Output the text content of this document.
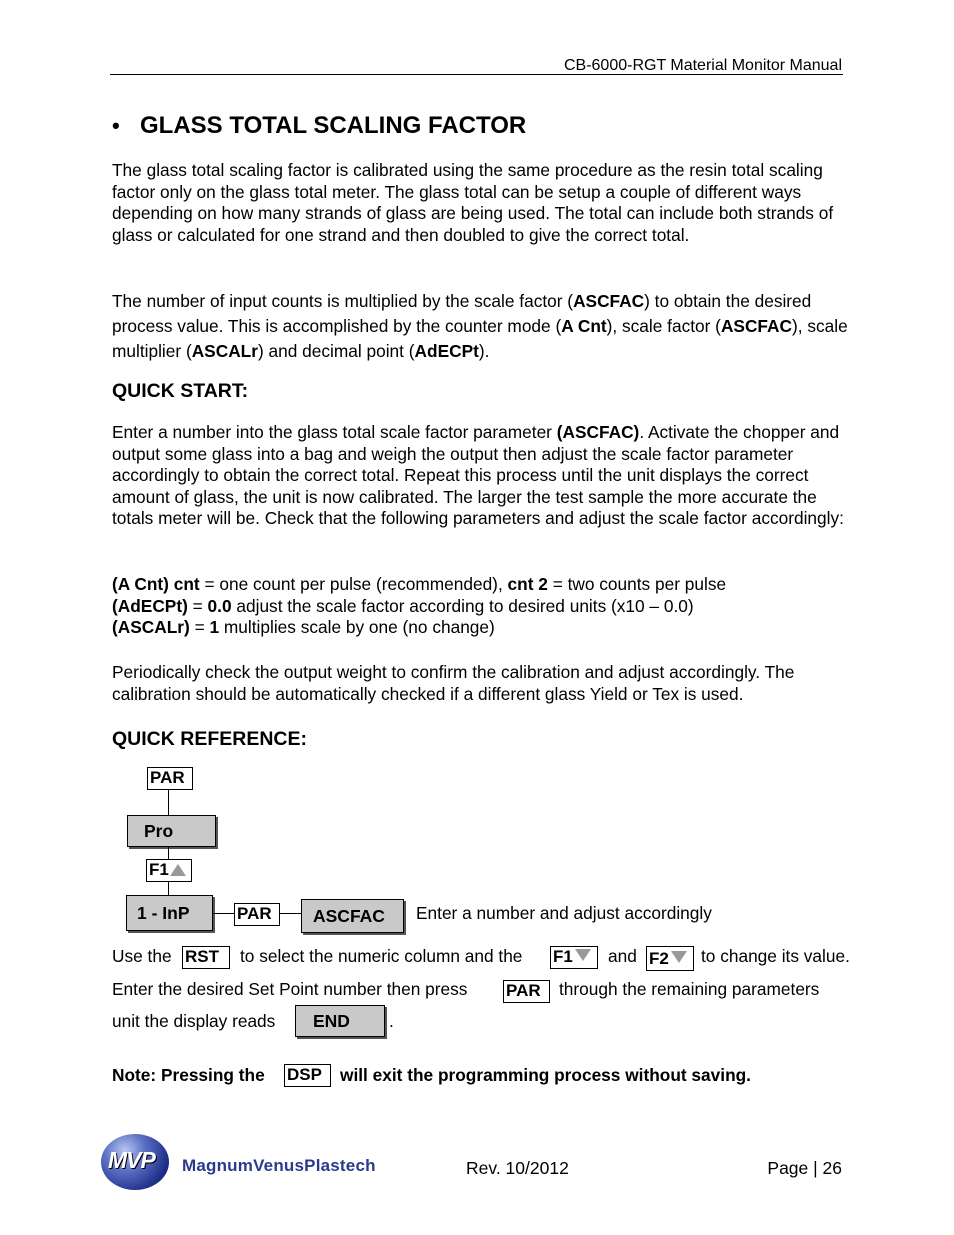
CB-6000-RGT Material Monitor Manual
• GLASS TOTAL SCALING FACTOR
The glass total scaling factor is calibrated using the same procedure as the resin total scaling factor only on the glass total meter. The glass total can be setup a couple of different ways depending on how many strands of glass are being used. The total can include both strands of glass or calculated for one strand and then doubled to give the correct total.
The number of input counts is multiplied by the scale factor (ASCFAC) to obtain the desired process value. This is accomplished by the counter mode (A Cnt), scale factor (ASCFAC), scale multiplier (ASCALr) and decimal point (AdECPt).
QUICK START:
Enter a number into the glass total scale factor parameter (ASCFAC). Activate the chopper and output some glass into a bag and weigh the output then adjust the scale factor parameter accordingly to obtain the correct total. Repeat this process until the unit displays the correct amount of glass, the unit is now calibrated. The larger the test sample the more accurate the totals meter will be. Check that the following parameters and adjust the scale factor accordingly:
(A Cnt) cnt = one count per pulse (recommended), cnt 2 = two counts per pulse
(AdECPt) = 0.0 adjust the scale factor according to desired units (x10 – 0.0)
(ASCALr) = 1 multiplies scale by one (no change)
Periodically check the output weight to confirm the calibration and adjust accordingly. The calibration should be automatically checked if a different glass Yield or Tex is used.
QUICK REFERENCE:
PAR
Pro
F1
1 - InP	PAR	ASCFAC	Enter a number and adjust accordingly
Use the RST	to select the numeric column and the F1	and F2	to change its value.
Enter the desired Set Point number then press PAR	through the remaining parameters
unit the display reads	END	.
Note: Pressing the DSP	will exit the programming process without saving.
MVP MagnumVenusPlastech	Rev. 10/2012	Page | 26
